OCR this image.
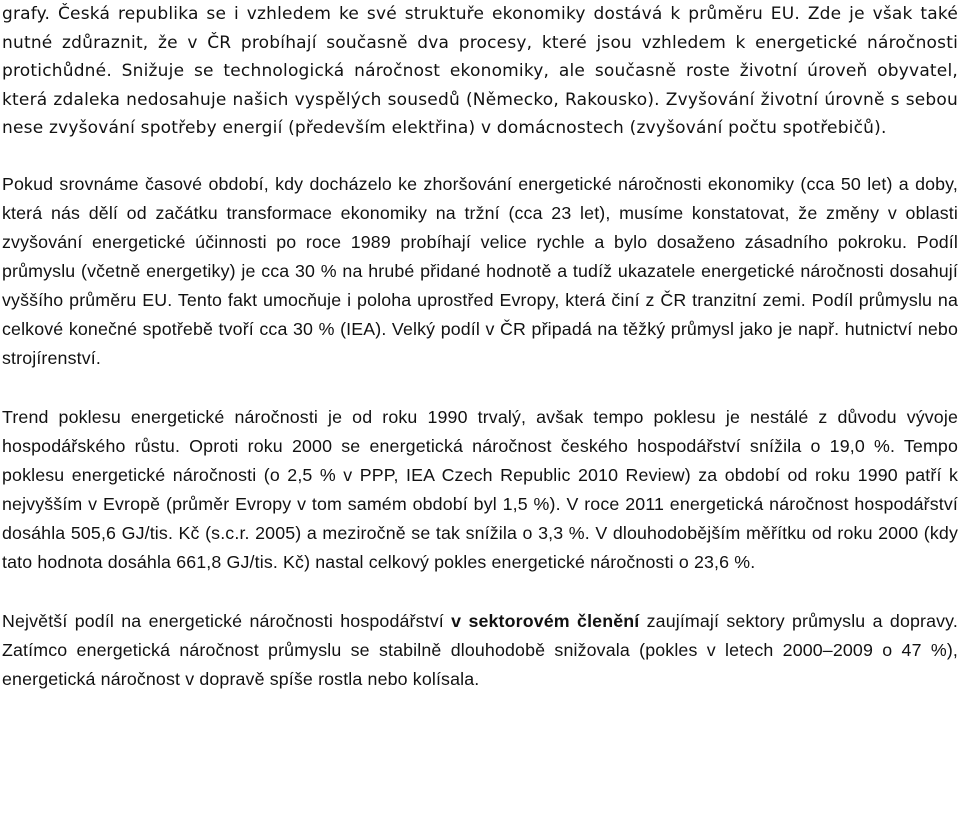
grafy. Česká republika se i vzhledem ke své struktuře ekonomiky dostává k průměru EU. Zde je však také nutné zdůraznit, že v ČR probíhají současně dva procesy, které jsou vzhledem k energetické náročnosti protichůdné. Snižuje se technologická náročnost ekonomiky, ale současně roste životní úroveň obyvatel, která zdaleka nedosahuje našich vyspělých sousedů (Německo, Rakousko). Zvyšování životní úrovně s sebou nese zvyšování spotřeby energií (především elektřina) v domácnostech (zvyšování počtu spotřebičů).

Pokud srovnáme časové období, kdy docházelo ke zhoršování energetické náročnosti ekonomiky (cca 50 let) a doby, která nás dělí od začátku transformace ekonomiky na tržní (cca 23 let), musíme konstatovat, že změny v oblasti zvyšování energetické účinnosti po roce 1989 probíhají velice rychle a bylo dosaženo zásadního pokroku. Podíl průmyslu (včetně energetiky) je cca 30 % na hrubé přidané hodnotě a tudíž ukazatele energetické náročnosti dosahují vyššího průměru EU. Tento fakt umocňuje i poloha uprostřed Evropy, která činí z ČR tranzitní zemi. Podíl průmyslu na celkové konečné spotřebě tvoří cca 30 % (IEA). Velký podíl v ČR připadá na těžký průmysl jako je např. hutnictví nebo strojírenství.

Trend poklesu energetické náročnosti je od roku 1990 trvalý, avšak tempo poklesu je nestálé z důvodu vývoje hospodářského růstu. Oproti roku 2000 se energetická náročnost českého hospodářství snížila o 19,0 %. Tempo poklesu energetické náročnosti (o 2,5 % v PPP, IEA Czech Republic 2010 Review) za období od roku 1990 patří k nejvyšším v Evropě (průměr Evropy v tom samém období byl 1,5 %). V roce 2011 energetická náročnost hospodářství dosáhla 505,6 GJ/tis. Kč (s.c.r. 2005) a meziročně se tak snížila o 3,3 %. V dlouhodobějším měřítku od roku 2000 (kdy tato hodnota dosáhla 661,8 GJ/tis. Kč) nastal celkový pokles energetické náročnosti o 23,6 %.

Největší podíl na energetické náročnosti hospodářství v sektorovém členění zaujímají sektory průmyslu a dopravy. Zatímco energetická náročnost průmyslu se stabilně dlouhodobě snižovala (pokles v letech 2000–2009 o 47 %), energetická náročnost v dopravě spíše rostla nebo kolísala.
